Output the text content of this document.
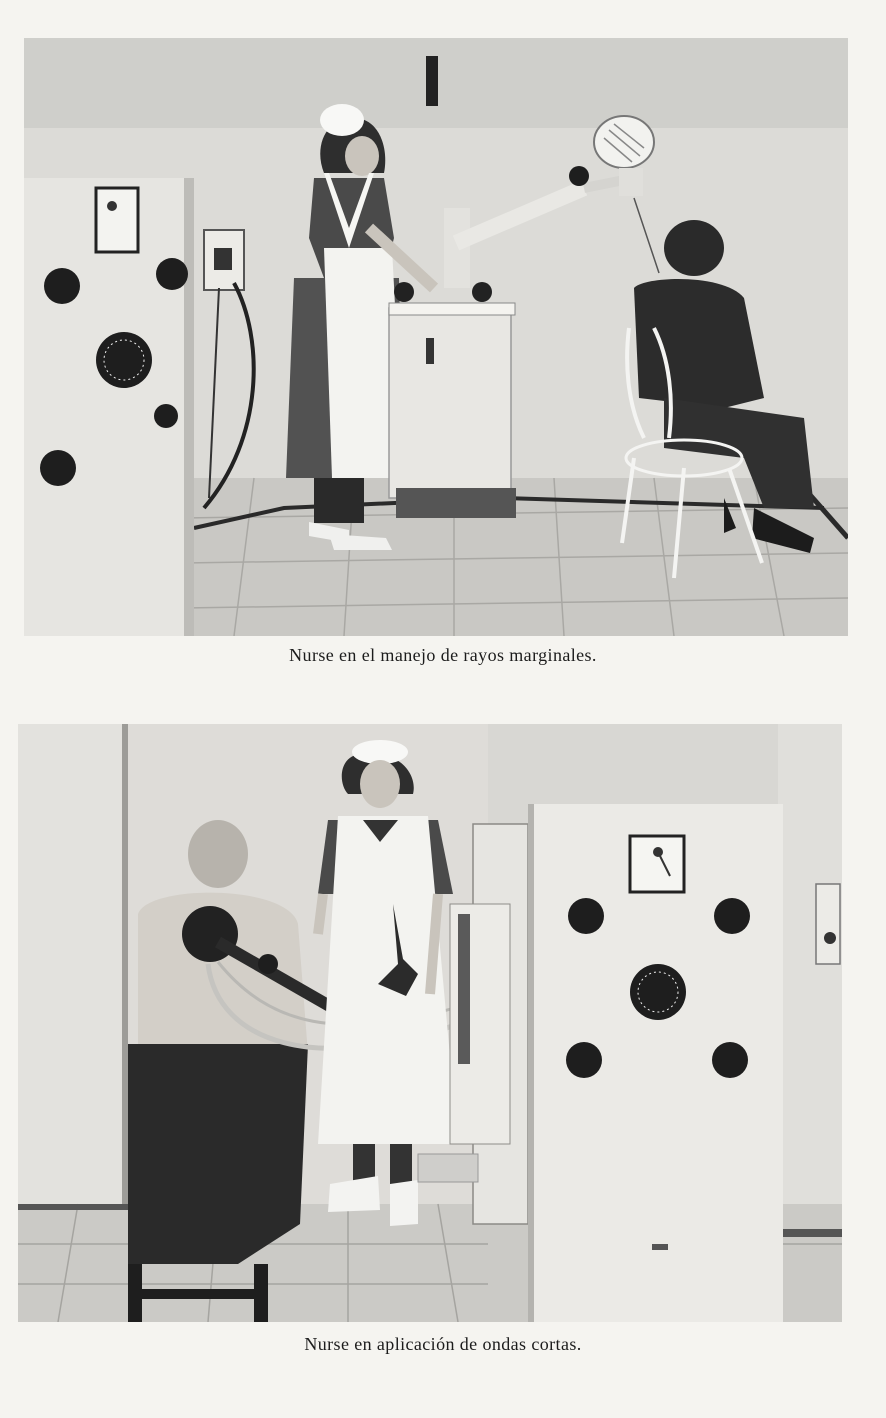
Nurse en el manejo de rayos marginales.
Nurse en aplicación de ondas cortas.
